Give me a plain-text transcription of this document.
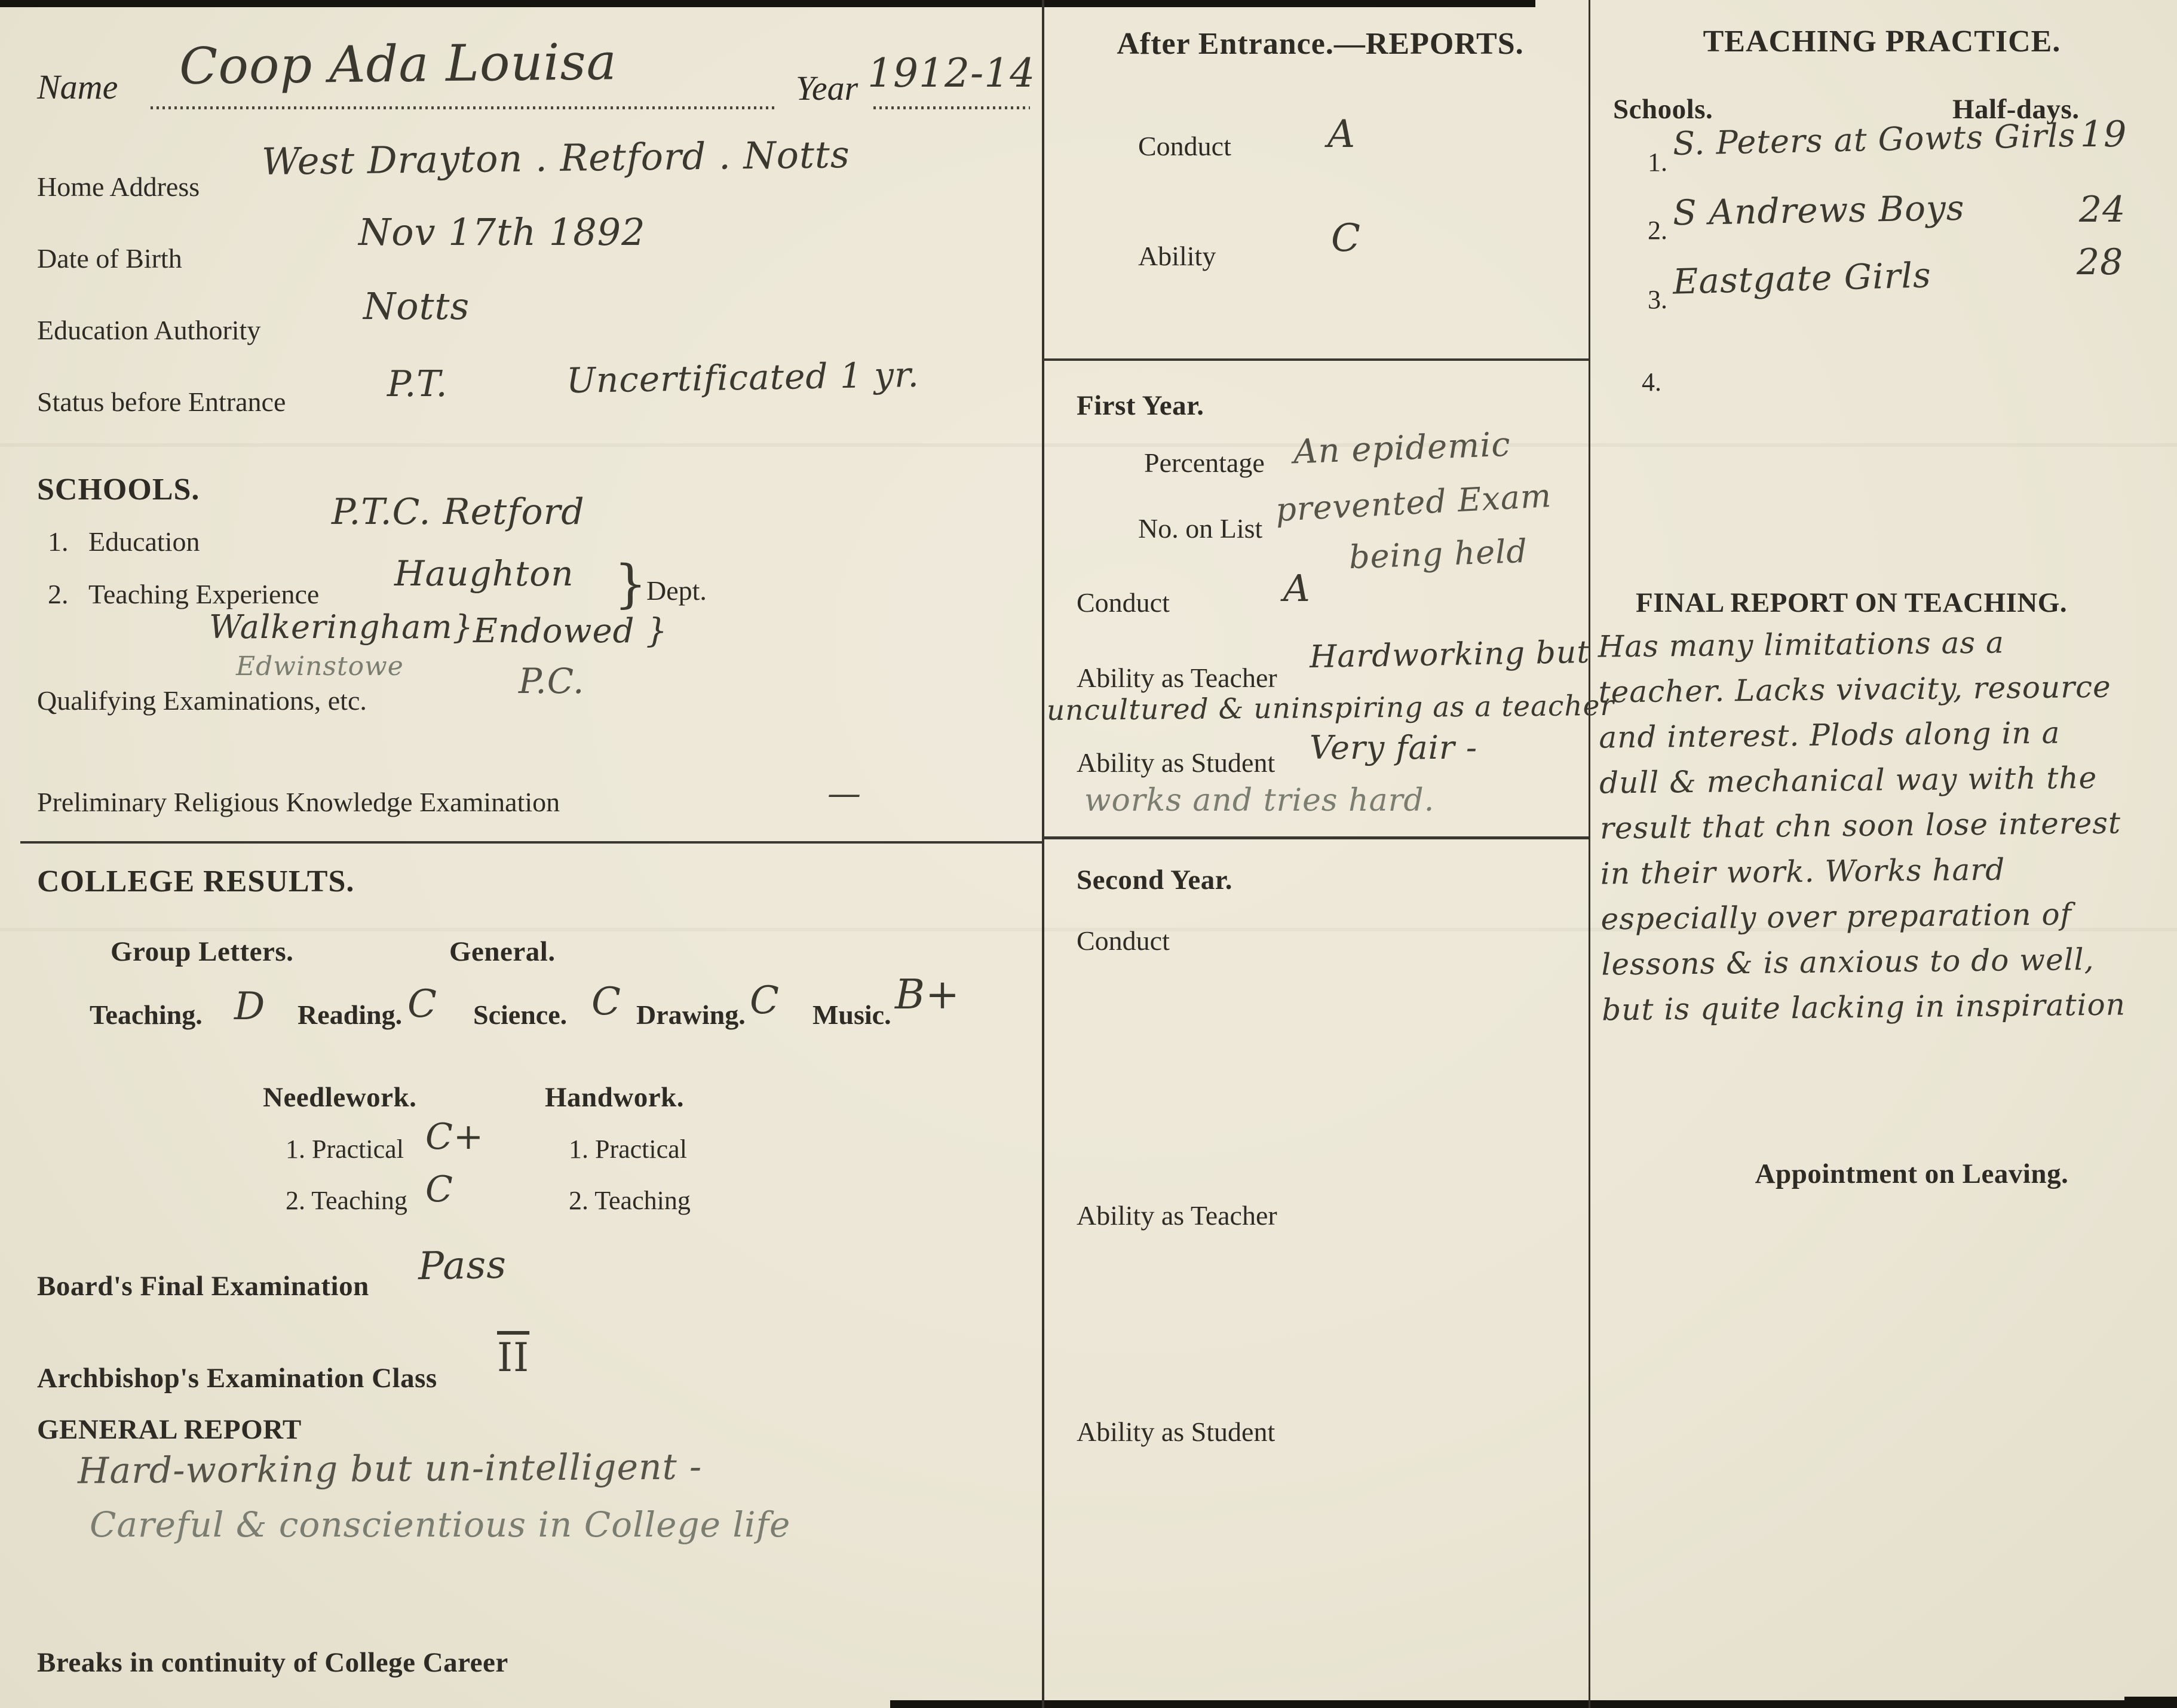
Name Coop Ada Louisa	Year 1912-14
Home Address
West Drayton . Retford . Notts
Date of Birth
Nov 17th 1892
Education Authority
Notts
Status before Entrance	P.T.	Uncertificated 1 yr.
SCHOOLS.
1. Education
P.T.C. Retford
2. Teaching Experience
Haughton }
Dept.
Walkeringham}.
Endowed }
Edwinstowe
Qualifying Examinations, etc.	P.C.
Preliminary Religious Knowledge Examination	—
COLLEGE RESULTS.
Group Letters.	General.
Teaching. D Reading. C Science. C Drawing. C Music. B+
Needlework.	Handwork.
1. Practical C+
2. Teaching C
1. Practical
2. Teaching
Board's Final Examination Pass
Archbishop's Examination Class $\overline{II}$
GENERAL REPORT
Hard-working but un-intelligent -
Careful & conscientious in College life
Breaks in continuity of College Career
After Entrance.—REPORTS.
Conduct	A
Ability	C
First Year.
Percentage
No. on List
An epidemic
prevented Exam
being held
Conduct	A
Ability as Teacher
Hardworking but
uncultured & uninspiring as a teacher
Ability as Student Very fair -
works and tries hard.
Second Year.
Conduct
Ability as Teacher
Ability as Student
TEACHING PRACTICE.
Schools.	Half-days.
1. S. Peters at Gowts Girls 19
2. S Andrews Boys	24
3. Eastgate Girls	28
4.
FINAL REPORT ON TEACHING.
Has many limitations as a
teacher. Lacks vivacity, resource
and interest. Plods along in a
dull & mechanical way with the
result that chn soon lose interest
in their work. Works hard
especially over preparation of
lessons & is anxious to do well,
but is quite lacking in inspiration
Appointment on Leaving.
